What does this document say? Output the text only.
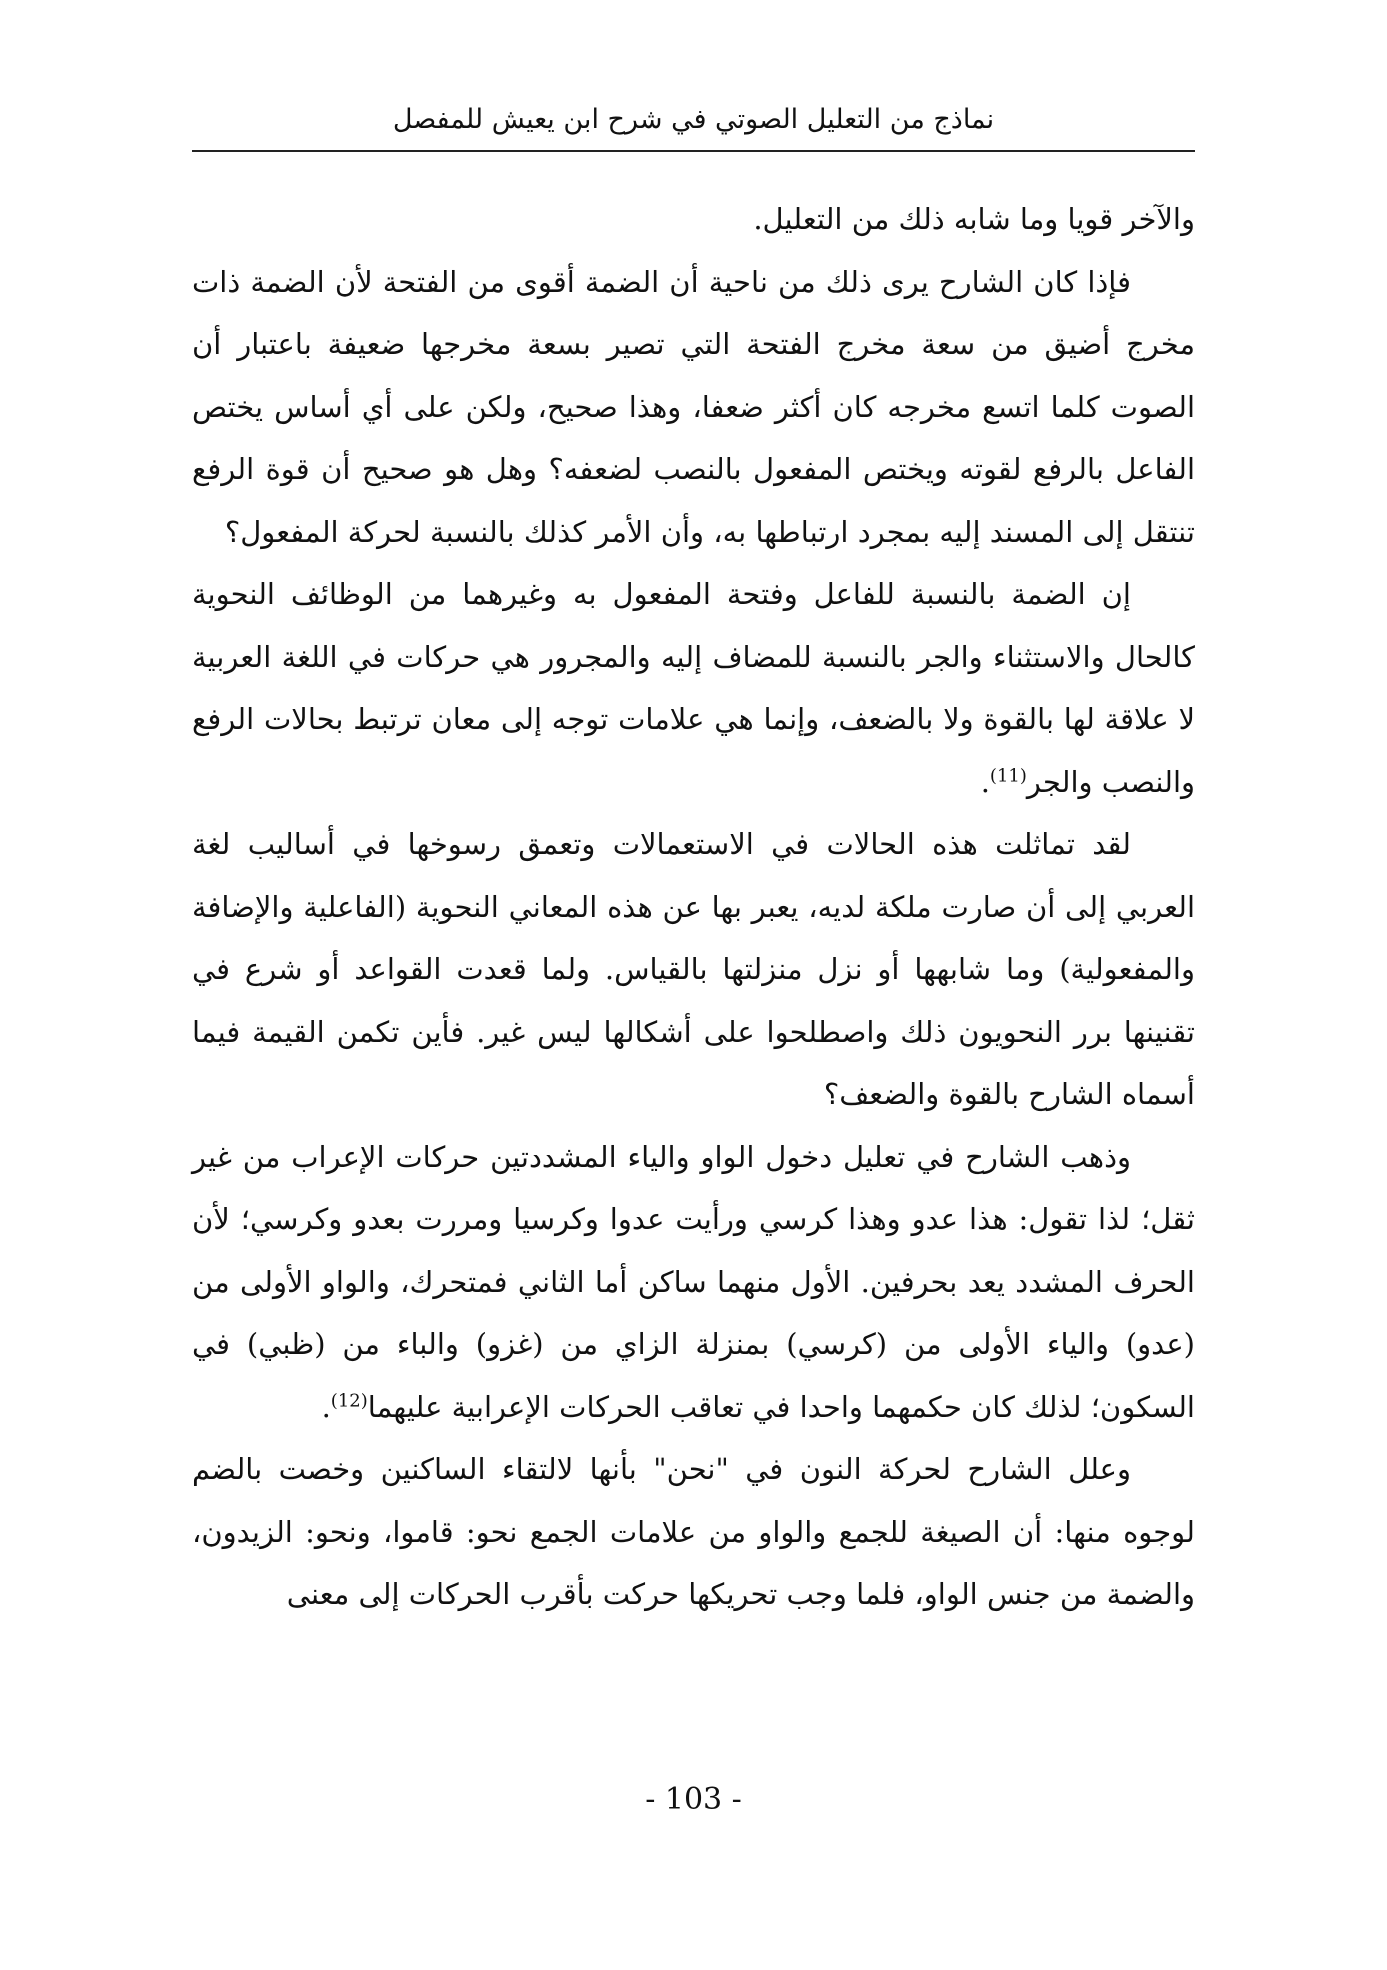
نماذج من التعليل الصوتي في شرح ابن يعيش للمفصل

والآخر قويا وما شابه ذلك من التعليل.

فإذا كان الشارح يرى ذلك من ناحية أن الضمة أقوى من الفتحة لأن الضمة ذات مخرج أضيق من سعة مخرج الفتحة التي تصير بسعة مخرجها ضعيفة باعتبار أن الصوت كلما اتسع مخرجه كان أكثر ضعفا، وهذا صحيح، ولكن على أي أساس يختص الفاعل بالرفع لقوته ويختص المفعول بالنصب لضعفه؟ وهل هو صحيح أن قوة الرفع تنتقل إلى المسند إليه بمجرد ارتباطها به، وأن الأمر كذلك بالنسبة لحركة المفعول؟

إن الضمة بالنسبة للفاعل وفتحة المفعول به وغيرهما من الوظائف النحوية كالحال والاستثناء والجر بالنسبة للمضاف إليه والمجرور هي حركات في اللغة العربية لا علاقة لها بالقوة ولا بالضعف، وإنما هي علامات توجه إلى معان ترتبط بحالات الرفع والنصب والجر$^{(11)}$.

لقد تماثلت هذه الحالات في الاستعمالات وتعمق رسوخها في أساليب لغة العربي إلى أن صارت ملكة لديه، يعبر بها عن هذه المعاني النحوية (الفاعلية والإضافة والمفعولية) وما شابهها أو نزل منزلتها بالقياس. ولما قعدت القواعد أو شرع في تقنينها برر النحويون ذلك واصطلحوا على أشكالها ليس غير. فأين تكمن القيمة فيما أسماه الشارح بالقوة والضعف؟

وذهب الشارح في تعليل دخول الواو والياء المشددتين حركات الإعراب من غير ثقل؛ لذا تقول: هذا عدو وهذا كرسي ورأيت عدوا وكرسيا ومررت بعدو وكرسي؛ لأن الحرف المشدد يعد بحرفين. الأول منهما ساكن أما الثاني فمتحرك، والواو الأولى من (عدو) والياء الأولى من (كرسي) بمنزلة الزاي من (غزو) والباء من (ظبي) في السكون؛ لذلك كان حكمهما واحدا في تعاقب الحركات الإعرابية عليهما$^{(12)}$.

وعلل الشارح لحركة النون في "نحن" بأنها لالتقاء الساكنين وخصت بالضم لوجوه منها: أن الصيغة للجمع والواو من علامات الجمع نحو: قاموا، ونحو: الزيدون، والضمة من جنس الواو، فلما وجب تحريكها حركت بأقرب الحركات إلى معنى

- 103 -
